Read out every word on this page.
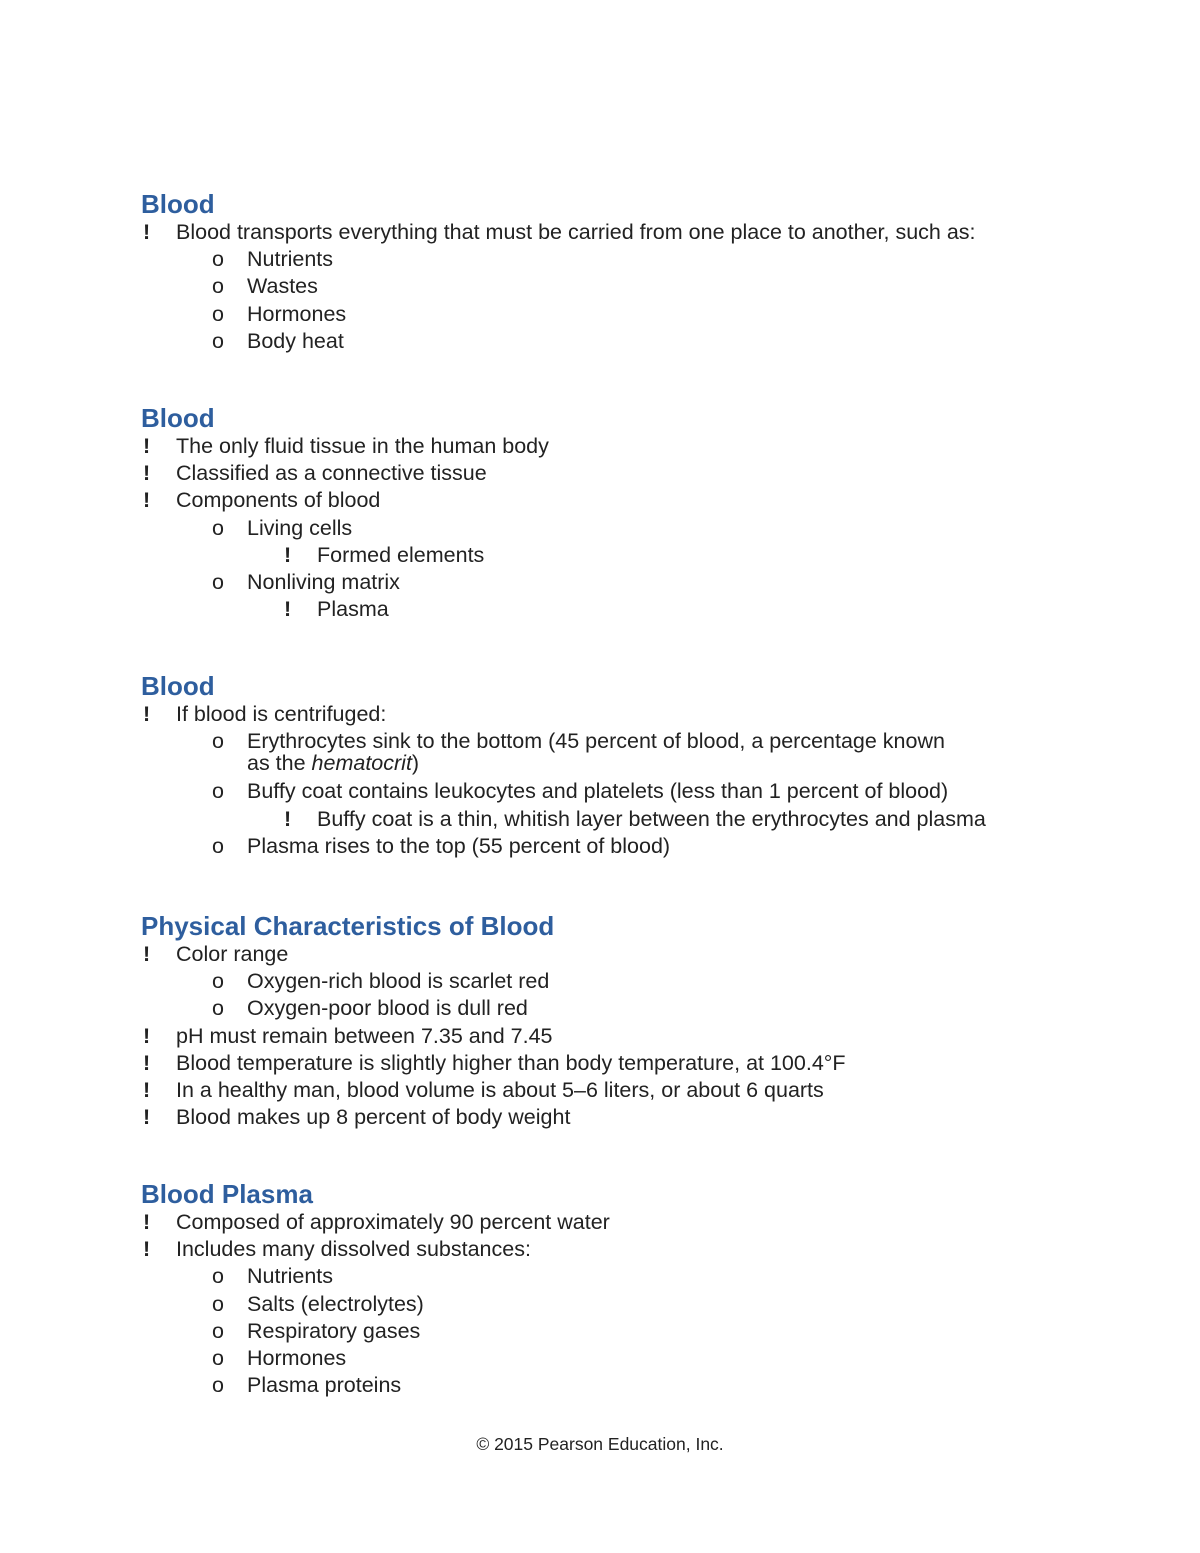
Blood
! Blood transports everything that must be carried from one place to another, such as:
o Nutrients
o Wastes
o Hormones
o Body heat
Blood
! The only fluid tissue in the human body
! Classified as a connective tissue
! Components of blood
o Living cells
! Formed elements
o Nonliving matrix
! Plasma
Blood
! If blood is centrifuged:
o Erythrocytes sink to the bottom (45 percent of blood, a percentage known
as the hematocrit)
o Buffy coat contains leukocytes and platelets (less than 1 percent of blood)
! Buffy coat is a thin, whitish layer between the erythrocytes and plasma
o Plasma rises to the top (55 percent of blood)
Physical Characteristics of Blood
! Color range
o Oxygen-rich blood is scarlet red
o Oxygen-poor blood is dull red
! pH must remain between 7.35 and 7.45
! Blood temperature is slightly higher than body temperature, at 100.4°F
! In a healthy man, blood volume is about 5–6 liters, or about 6 quarts
! Blood makes up 8 percent of body weight
Blood Plasma
! Composed of approximately 90 percent water
! Includes many dissolved substances:
o Nutrients
o Salts (electrolytes)
o Respiratory gases
o Hormones
o Plasma proteins
© 2015 Pearson Education, Inc.
